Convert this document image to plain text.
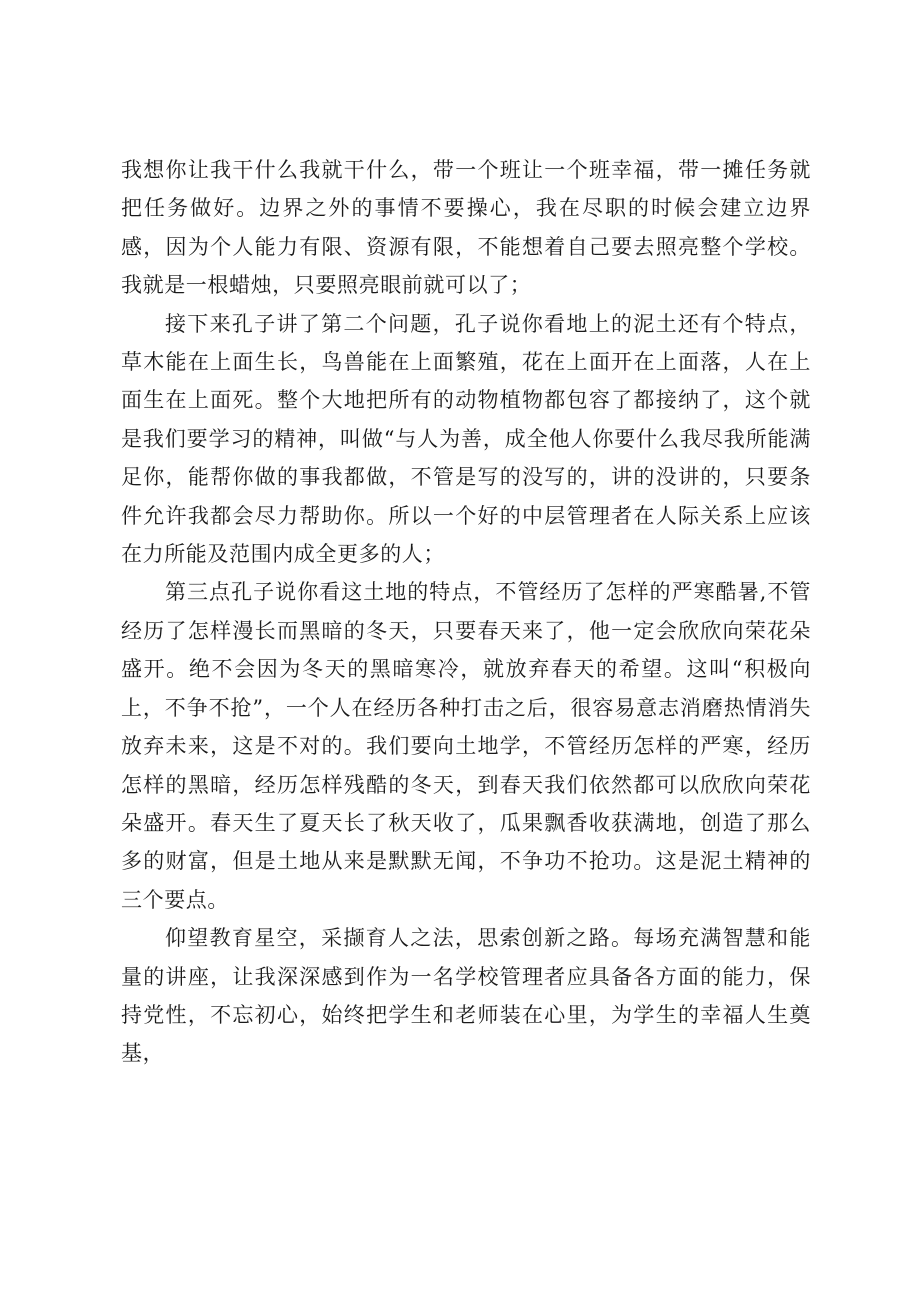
我想你让我干什么我就干什么，带一个班让一个班幸福，带一摊任务就把任务做好。边界之外的事情不要操心，我在尽职的时候会建立边界感，因为个人能力有限、资源有限，不能想着自己要去照亮整个学校。我就是一根蜡烛，只要照亮眼前就可以了；

接下来孔子讲了第二个问题，孔子说你看地上的泥土还有个特点，草木能在上面生长，鸟兽能在上面繁殖，花在上面开在上面落，人在上面生在上面死。整个大地把所有的动物植物都包容了都接纳了，这个就是我们要学习的精神，叫做“与人为善，成全他人你要什么我尽我所能满足你，能帮你做的事我都做，不管是写的没写的，讲的没讲的，只要条件允许我都会尽力帮助你。所以一个好的中层管理者在人际关系上应该在力所能及范围内成全更多的人；

第三点孔子说你看这土地的特点，不管经历了怎样的严寒酷暑,不管经历了怎样漫长而黑暗的冬天，只要春天来了，他一定会欣欣向荣花朵盛开。绝不会因为冬天的黑暗寒冷，就放弃春天的希望。这叫“积极向上，不争不抢”，一个人在经历各种打击之后，很容易意志消磨热情消失放弃未来，这是不对的。我们要向土地学，不管经历怎样的严寒，经历怎样的黑暗，经历怎样残酷的冬天，到春天我们依然都可以欣欣向荣花朵盛开。春天生了夏天长了秋天收了，瓜果飘香收获满地，创造了那么多的财富，但是土地从来是默默无闻，不争功不抢功。这是泥土精神的三个要点。

仰望教育星空，采撷育人之法，思索创新之路。每场充满智慧和能量的讲座，让我深深感到作为一名学校管理者应具备各方面的能力，保持党性，不忘初心，始终把学生和老师装在心里，为学生的幸福人生奠基，
